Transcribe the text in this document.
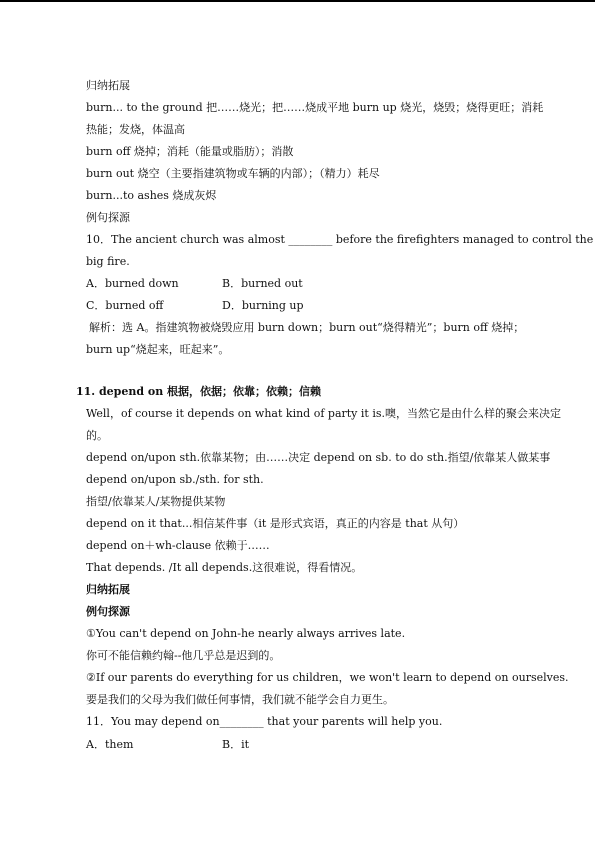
归纳拓展
burn... to the ground 把……烧光；把……烧成平地 burn up 烧光，烧毁；烧得更旺；消耗
热能；发烧，体温高
burn off 烧掉；消耗（能量或脂肪）；消散
burn out 烧空（主要指建筑物或车辆的内部）；（精力）耗尽
burn...to ashes 烧成灰烬
例句探源
10．The ancient church was almost ________ before the firefighters managed to control the
big fire.
A．burned down	B．burned out
C．burned off	D．burning up
解析：选 A。指建筑物被烧毁应用 burn down；burn out“烧得精光”；burn off 烧掉；
burn up“烧起来，旺起来”。
11. depend on 根据，依据；依靠；依赖；信赖
Well，of course it depends on what kind of party it is.噢，当然它是由什么样的聚会来决定
的。
depend on/upon sth.依靠某物；由……决定 depend on sb. to do sth.指望/依靠某人做某事
depend on/upon sb./sth. for sth.
指望/依靠某人/某物提供某物
depend on it that...相信某件事（it 是形式宾语，真正的内容是 that 从句）
depend on＋wh-clause 依赖于……
That depends. /It all depends.这很难说，得看情况。
归纳拓展
例句探源
①You can't depend on John-he nearly always arrives late.
你可不能信赖约翰--他几乎总是迟到的。
②If our parents do everything for us children，we won't learn to depend on ourselves.
要是我们的父母为我们做任何事情，我们就不能学会自力更生。
11．You may depend on________ that your parents will help you.
A．them	B．it
